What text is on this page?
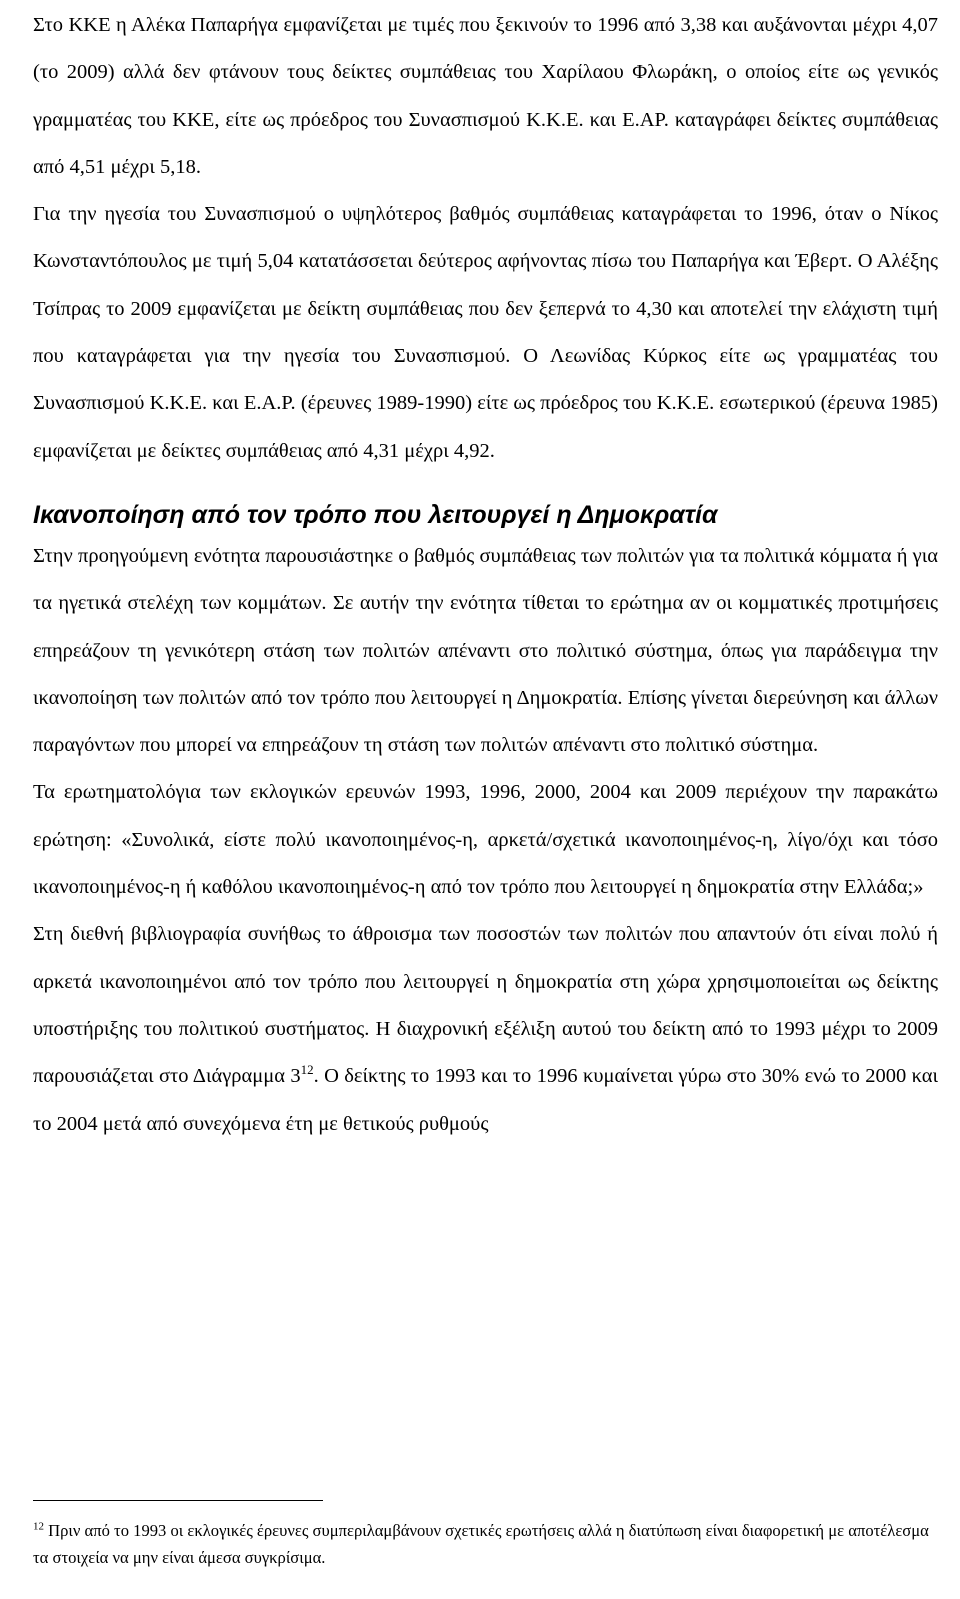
Στο ΚΚΕ η Αλέκα Παπαρήγα εμφανίζεται με τιμές που ξεκινούν το 1996 από 3,38 και αυξάνονται μέχρι 4,07 (το 2009) αλλά δεν φτάνουν τους δείκτες συμπάθειας του Χαρίλαου Φλωράκη, ο οποίος είτε ως γενικός γραμματέας του ΚΚΕ, είτε ως πρόεδρος του Συνασπισμού Κ.Κ.Ε. και Ε.ΑΡ. καταγράφει δείκτες συμπάθειας από 4,51 μέχρι 5,18.

Για την ηγεσία του Συνασπισμού ο υψηλότερος βαθμός συμπάθειας καταγράφεται το 1996, όταν ο Νίκος Κωνσταντόπουλος με τιμή 5,04 κατατάσσεται δεύτερος αφήνοντας πίσω του Παπαρήγα και Έβερτ. Ο Αλέξης Τσίπρας το 2009 εμφανίζεται με δείκτη συμπάθειας που δεν ξεπερνά το 4,30 και αποτελεί την ελάχιστη τιμή που καταγράφεται για την ηγεσία του Συνασπισμού. Ο Λεωνίδας Κύρκος είτε ως γραμματέας του Συνασπισμού Κ.Κ.Ε. και Ε.Α.Ρ. (έρευνες 1989-1990) είτε ως πρόεδρος του Κ.Κ.Ε. εσωτερικού (έρευνα 1985) εμφανίζεται με δείκτες συμπάθειας από 4,31 μέχρι 4,92.

Ικανοποίηση από τον τρόπο που λειτουργεί η Δημοκρατία

Στην προηγούμενη ενότητα παρουσιάστηκε ο βαθμός συμπάθειας των πολιτών για τα πολιτικά κόμματα ή για τα ηγετικά στελέχη των κομμάτων. Σε αυτήν την ενότητα τίθεται το ερώτημα αν οι κομματικές προτιμήσεις επηρεάζουν τη γενικότερη στάση των πολιτών απέναντι στο πολιτικό σύστημα, όπως για παράδειγμα την ικανοποίηση των πολιτών από τον τρόπο που λειτουργεί η Δημοκρατία. Επίσης γίνεται διερεύνηση και άλλων παραγόντων που μπορεί να επηρεάζουν τη στάση των πολιτών απέναντι στο πολιτικό σύστημα.

Τα ερωτηματολόγια των εκλογικών ερευνών 1993, 1996, 2000, 2004 και 2009 περιέχουν την παρακάτω ερώτηση: «Συνολικά, είστε πολύ ικανοποιημένος-η, αρκετά/σχετικά ικανοποιημένος-η, λίγο/όχι και τόσο ικανοποιημένος-η ή καθόλου ικανοποιημένος-η από τον τρόπο που λειτουργεί η δημοκρατία στην Ελλάδα;»

Στη διεθνή βιβλιογραφία συνήθως το άθροισμα των ποσοστών των πολιτών που απαντούν ότι είναι πολύ ή αρκετά ικανοποιημένοι από τον τρόπο που λειτουργεί η δημοκρατία στη χώρα χρησιμοποιείται ως δείκτης υποστήριξης του πολιτικού συστήματος. Η διαχρονική εξέλιξη αυτού του δείκτη από το 1993 μέχρι το 2009 παρουσιάζεται στο Διάγραμμα $3^{12}$. Ο δείκτης το 1993 και το 1996 κυμαίνεται γύρω στο 30% ενώ το 2000 και το 2004 μετά από συνεχόμενα έτη με θετικούς ρυθμούς

$^{12}$ Πριν από το 1993 οι εκλογικές έρευνες συμπεριλαμβάνουν σχετικές ερωτήσεις αλλά η διατύπωση είναι διαφορετική με αποτέλεσμα τα στοιχεία να μην είναι άμεσα συγκρίσιμα.
